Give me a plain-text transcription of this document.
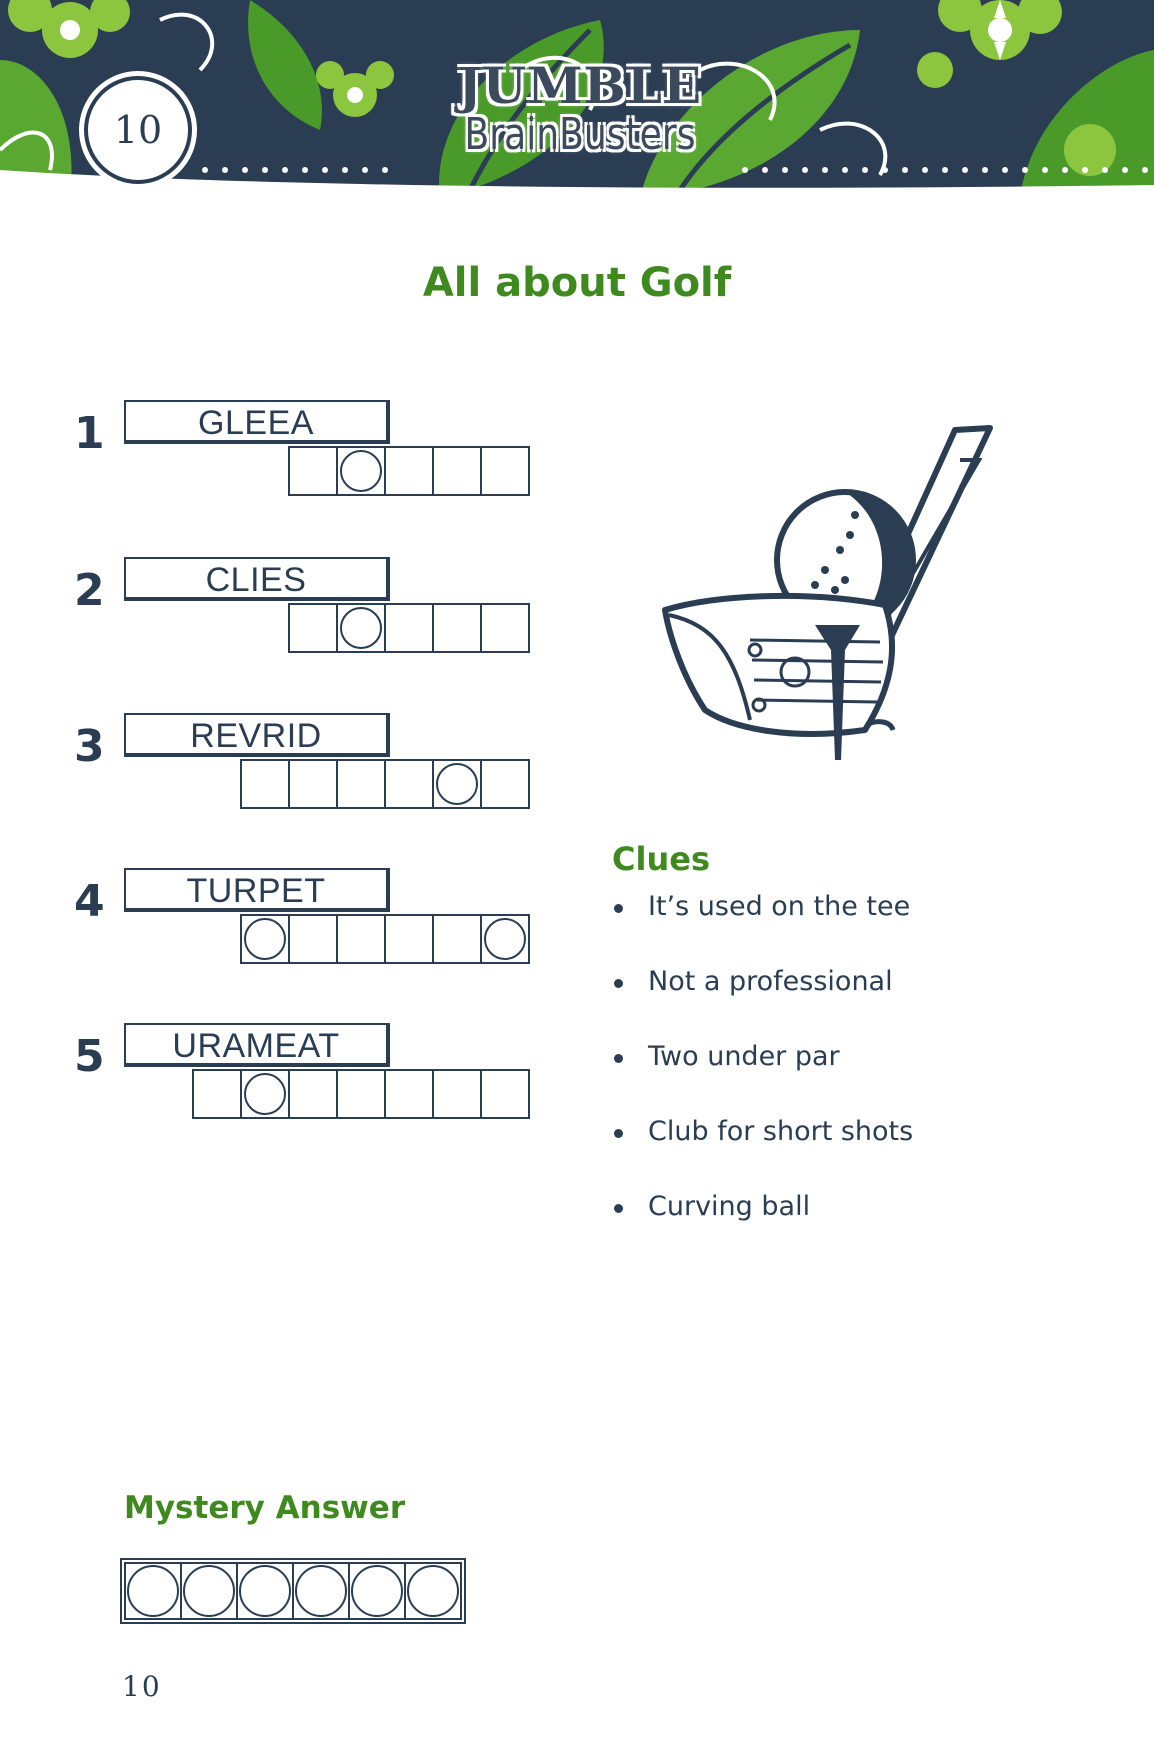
10
JUMBLE
BrainBusters
All about Golf
1	GLEEA
2	CLIES
3	REVRID
4	TURPET
5	URAMEAT
Clues
It’s used on the tee
Not a professional
Two under par
Club for short shots
Curving ball
Mystery Answer
10
